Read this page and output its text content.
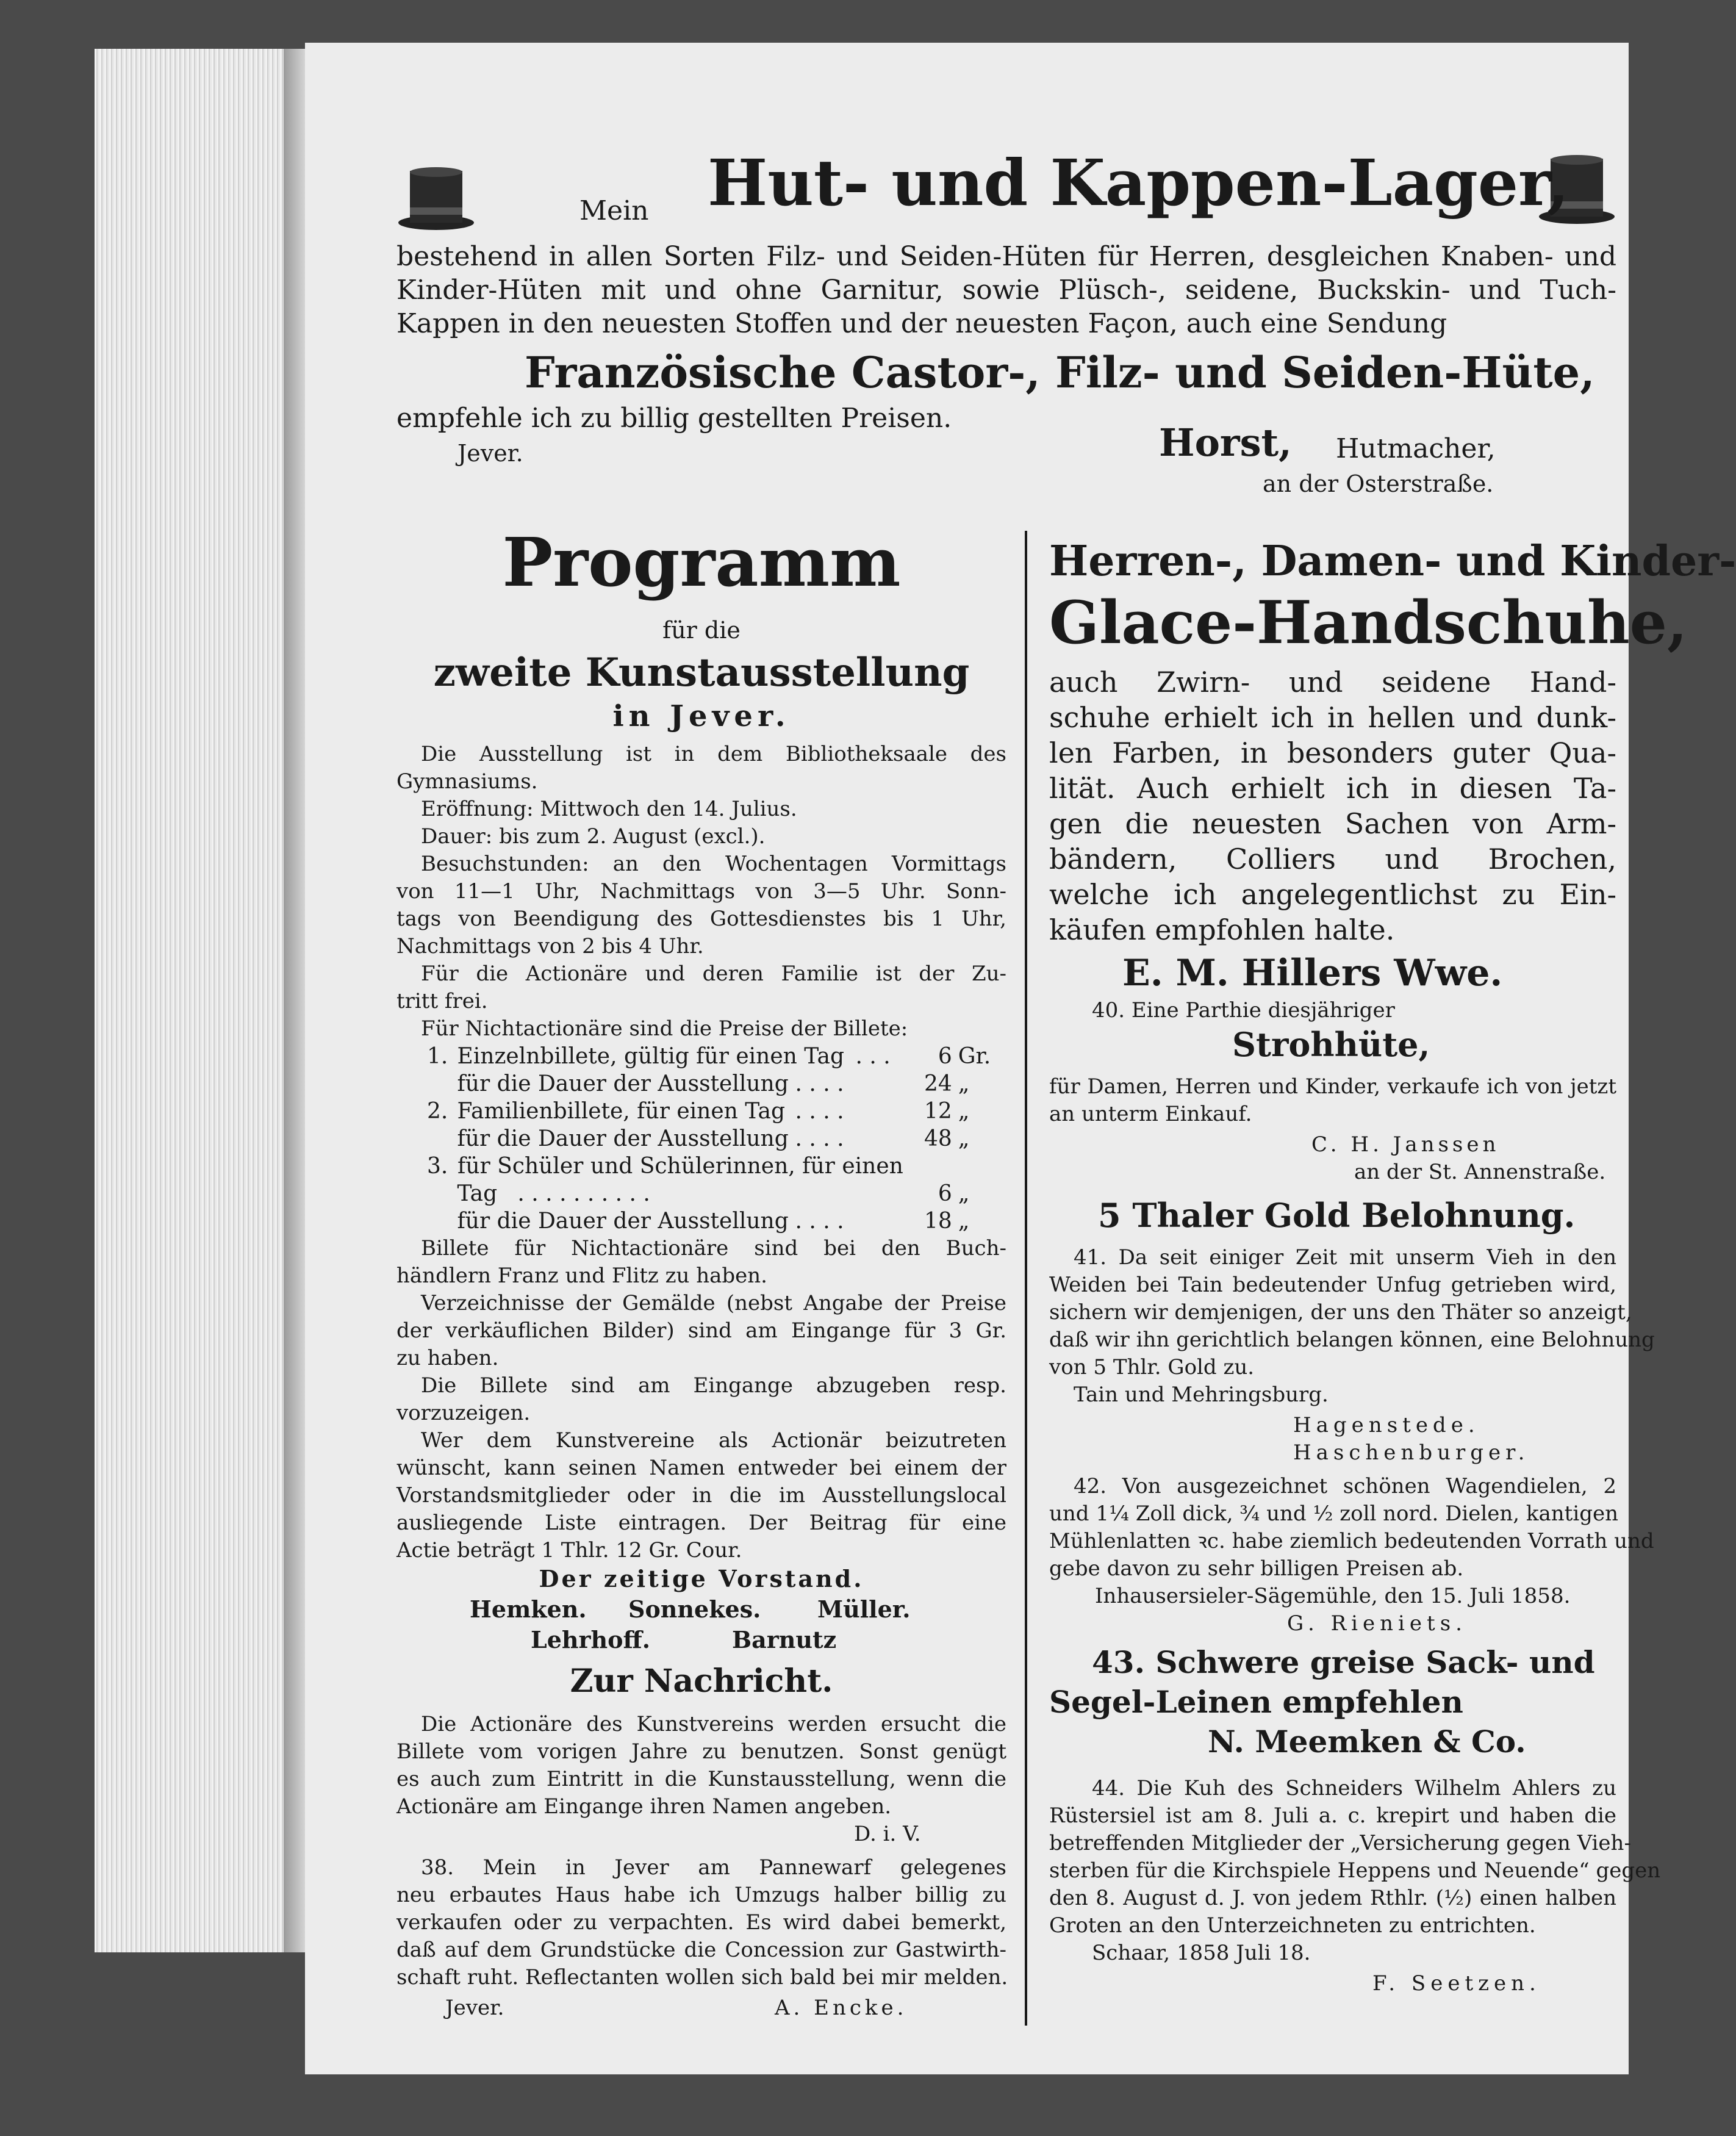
Mein Hut- und Kappen-Lager,

bestehend in allen Sorten Filz- und Seiden-Hüten für Herren, desgleichen Knaben- und

Kinder-Hüten mit und ohne Garnitur, sowie Plüsch-, seidene, Buckskin- und Tuch-

Kappen in den neuesten Stoffen und der neuesten Façon, auch eine Sendung

Französische Castor-, Filz- und Seiden-Hüte,

empfehle ich zu billig gestellten Preisen.

Jever.	Horst, Hutmacher,

an der Osterstraße.

Programm

für die

zweite Kunstausstellung

in Jever.

Die Ausstellung ist in dem Bibliotheksaale des

Gymnasiums.

Eröffnung: Mittwoch den 14. Julius.

Dauer: bis zum 2. August (excl.).

Besuchstunden: an den Wochentagen Vormittags

von 11—1 Uhr, Nachmittags von 3—5 Uhr. Sonn-

tags von Beendigung des Gottesdienstes bis 1 Uhr,

Nachmittags von 2 bis 4 Uhr.

Für die Actionäre und deren Familie ist der Zu-

tritt frei.

Für Nichtactionäre sind die Preise der Billete:

1. Einzelnbillete, gültig für einen Tag . . .	6 Gr.
für die Dauer der Ausstellung . . . .	24 „
2. Familienbillete, für einen Tag . . . .	12 „
für die Dauer der Ausstellung . . . .	48 „
3. für Schüler und Schülerinnen, für einen
Tag . . . . . . . . . .	6 „
für die Dauer der Ausstellung . . . .	18 „

Billete für Nichtactionäre sind bei den Buch-

händlern Franz und Flitz zu haben.

Verzeichnisse der Gemälde (nebst Angabe der Preise

der verkäuflichen Bilder) sind am Eingange für 3 Gr.

zu haben.

Die Billete sind am Eingange abzugeben resp.

vorzuzeigen.

Wer dem Kunstvereine als Actionär beizutreten

wünscht, kann seinen Namen entweder bei einem der

Vorstandsmitglieder oder in die im Ausstellungslocal

ausliegende Liste eintragen. Der Beitrag für eine

Actie beträgt 1 Thlr. 12 Gr. Cour.

Der zeitige Vorstand.

Hemken. Sonnekes. Müller.

Lehrhoff.	Barnutz

Zur Nachricht.

Die Actionäre des Kunstvereins werden ersucht die

Billete vom vorigen Jahre zu benutzen. Sonst genügt

es auch zum Eintritt in die Kunstausstellung, wenn die

Actionäre am Eingange ihren Namen angeben.

D. i. V.

38. Mein in Jever am Pannewarf gelegenes

neu erbautes Haus habe ich Umzugs halber billig zu

verkaufen oder zu verpachten. Es wird dabei bemerkt,

daß auf dem Grundstücke die Concession zur Gastwirth-

schaft ruht. Reflectanten wollen sich bald bei mir melden.

Jever.	A. Encke.

Herren-, Damen- und Kinder-

Glace-Handschuhe,

auch Zwirn- und seidene Hand-

schuhe erhielt ich in hellen und dunk-

len Farben, in besonders guter Qua-

lität. Auch erhielt ich in diesen Ta-

gen die neuesten Sachen von Arm-

bändern, Colliers und Brochen,

welche ich angelegentlichst zu Ein-

käufen empfohlen halte.

E. M. Hillers Wwe.

40. Eine Parthie diesjähriger

Strohhüte,

für Damen, Herren und Kinder, verkaufe ich von jetzt

an unterm Einkauf.

C. H. Janssen

an der St. Annenstraße.

5 Thaler Gold Belohnung.

41. Da seit einiger Zeit mit unserm Vieh in den

Weiden bei Tain bedeutender Unfug getrieben wird,

sichern wir demjenigen, der uns den Thäter so anzeigt,

daß wir ihn gerichtlich belangen können, eine Belohnung

von 5 Thlr. Gold zu.

Tain und Mehringsburg.

Hagenstede.

Haschenburger.

42. Von ausgezeichnet schönen Wagendielen, 2

und 1¼ Zoll dick, ¾ und ½ zoll nord. Dielen, kantigen

Mühlenlatten ꝛc. habe ziemlich bedeutenden Vorrath und

gebe davon zu sehr billigen Preisen ab.

Inhausersieler-Sägemühle, den 15. Juli 1858.

G. Rieniets.

43. Schwere greise Sack- und

Segel-Leinen empfehlen

N. Meemken & Co.

44. Die Kuh des Schneiders Wilhelm Ahlers zu

Rüstersiel ist am 8. Juli a. c. krepirt und haben die

betreffenden Mitglieder der „Versicherung gegen Vieh-

sterben für die Kirchspiele Heppens und Neuende“ gegen

den 8. August d. J. von jedem Rthlr. (½) einen halben

Groten an den Unterzeichneten zu entrichten.

Schaar, 1858 Juli 18.

F. Seetzen.
